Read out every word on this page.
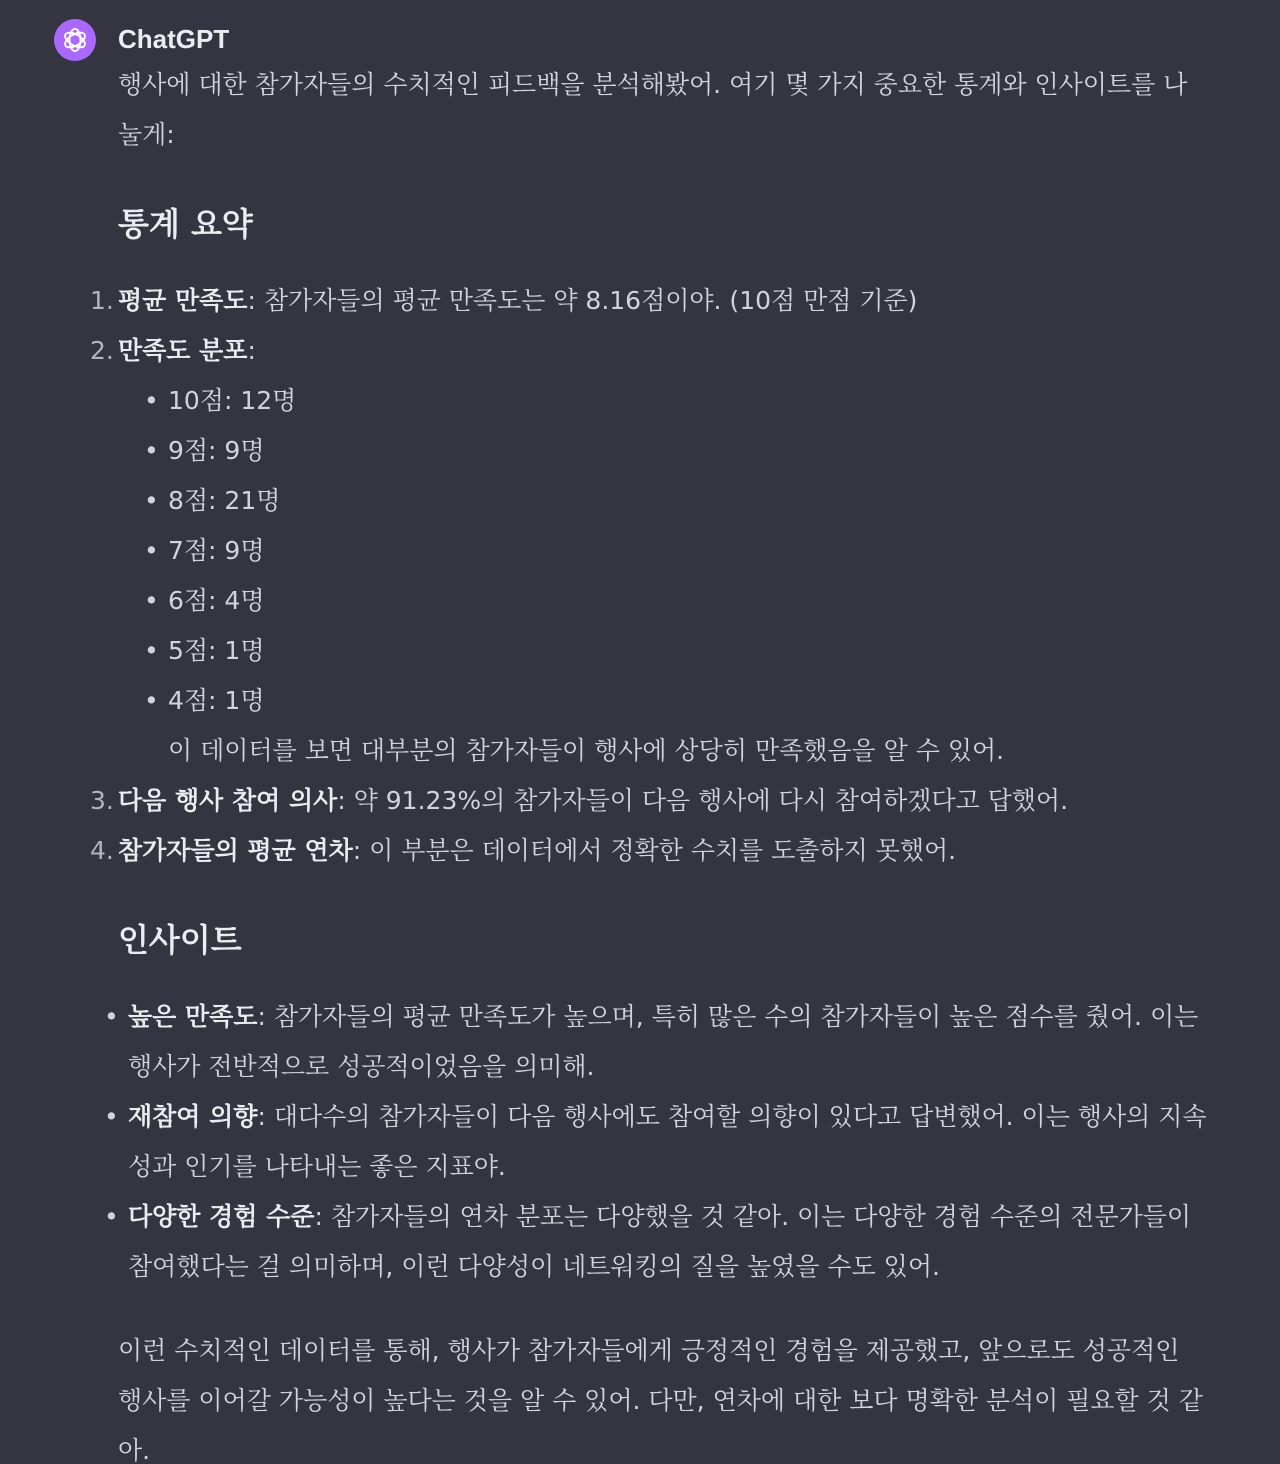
ChatGPT

행사에 대한 참가자들의 수치적인 피드백을 분석해봤어. 여기 몇 가지 중요한 통계와 인사이트를 나눌게:

통계 요약
1. 평균 만족도: 참가자들의 평균 만족도는 약 8.16점이야. (10점 만점 기준)
2. 만족도 분포:
• 10점: 12명
• 9점: 9명
• 8점: 21명
• 7점: 9명
• 6점: 4명
• 5점: 1명
• 4점: 1명
이 데이터를 보면 대부분의 참가자들이 행사에 상당히 만족했음을 알 수 있어.
3. 다음 행사 참여 의사: 약 91.23%의 참가자들이 다음 행사에 다시 참여하겠다고 답했어.
4. 참가자들의 평균 연차: 이 부분은 데이터에서 정확한 수치를 도출하지 못했어.
인사이트
• 높은 만족도: 참가자들의 평균 만족도가 높으며, 특히 많은 수의 참가자들이 높은 점수를 줬어. 이는 행사가 전반적으로 성공적이었음을 의미해.
• 재참여 의향: 대다수의 참가자들이 다음 행사에도 참여할 의향이 있다고 답변했어. 이는 행사의 지속성과 인기를 나타내는 좋은 지표야.
• 다양한 경험 수준: 참가자들의 연차 분포는 다양했을 것 같아. 이는 다양한 경험 수준의 전문가들이 참여했다는 걸 의미하며, 이런 다양성이 네트워킹의 질을 높였을 수도 있어.

이런 수치적인 데이터를 통해, 행사가 참가자들에게 긍정적인 경험을 제공했고, 앞으로도 성공적인 행사를 이어갈 가능성이 높다는 것을 알 수 있어. 다만, 연차에 대한 보다 명확한 분석이 필요할 것 같아.
